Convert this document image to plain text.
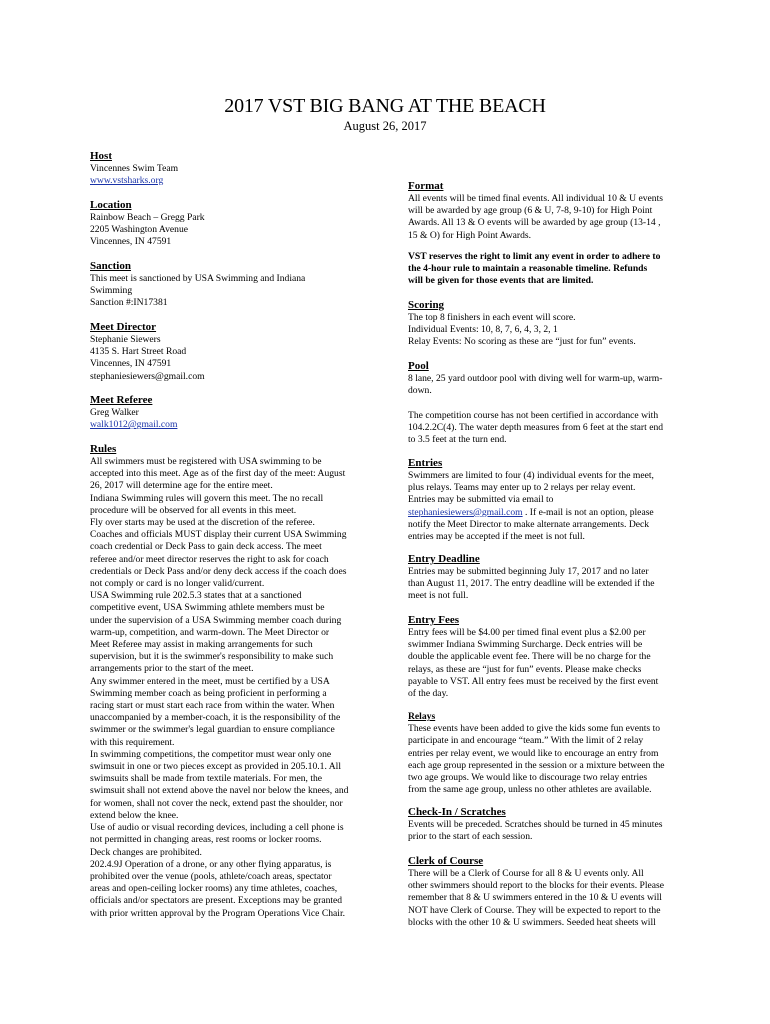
2017 VST BIG BANG AT THE BEACH
August 26, 2017
Host
Vincennes Swim Team
www.vstsharks.org
Location
Rainbow Beach – Gregg Park
2205 Washington Avenue
Vincennes, IN 47591
Sanction
This meet is sanctioned by USA Swimming and Indiana
Swimming
Sanction #:IN17381
Meet Director
Stephanie Siewers
4135 S. Hart Street Road
Vincennes, IN 47591
stephaniesiewers@gmail.com
Meet Referee
Greg Walker
walk1012@gmail.com
Rules
All swimmers must be registered with USA swimming to be
accepted into this meet. Age as of the first day of the meet: August
26, 2017 will determine age for the entire meet.
Indiana Swimming rules will govern this meet. The no recall
procedure will be observed for all events in this meet.
Fly over starts may be used at the discretion of the referee.
Coaches and officials MUST display their current USA Swimming
coach credential or Deck Pass to gain deck access. The meet
referee and/or meet director reserves the right to ask for coach
credentials or Deck Pass and/or deny deck access if the coach does
not comply or card is no longer valid/current.
USA Swimming rule 202.5.3 states that at a sanctioned
competitive event, USA Swimming athlete members must be
under the supervision of a USA Swimming member coach during
warm-up, competition, and warm-down. The Meet Director or
Meet Referee may assist in making arrangements for such
supervision, but it is the swimmer's responsibility to make such
arrangements prior to the start of the meet.
Any swimmer entered in the meet, must be certified by a USA
Swimming member coach as being proficient in performing a
racing start or must start each race from within the water. When
unaccompanied by a member-coach, it is the responsibility of the
swimmer or the swimmer's legal guardian to ensure compliance
with this requirement.
In swimming competitions, the competitor must wear only one
swimsuit in one or two pieces except as provided in 205.10.1. All
swimsuits shall be made from textile materials. For men, the
swimsuit shall not extend above the navel nor below the knees, and
for women, shall not cover the neck, extend past the shoulder, nor
extend below the knee.
Use of audio or visual recording devices, including a cell phone is
not permitted in changing areas, rest rooms or locker rooms.
Deck changes are prohibited.
202.4.9J Operation of a drone, or any other flying apparatus, is
prohibited over the venue (pools, athlete/coach areas, spectator
areas and open-ceiling locker rooms) any time athletes, coaches,
officials and/or spectators are present. Exceptions may be granted
with prior written approval by the Program Operations Vice Chair.
Format
All events will be timed final events. All individual 10 & U events
will be awarded by age group (6 & U, 7-8, 9-10) for High Point
Awards. All 13 & O events will be awarded by age group (13-14 ,
15 & O) for High Point Awards.
VST reserves the right to limit any event in order to adhere to
the 4-hour rule to maintain a reasonable timeline. Refunds
will be given for those events that are limited.
Scoring
The top 8 finishers in each event will score.
Individual Events: 10, 8, 7, 6, 4, 3, 2, 1
Relay Events: No scoring as these are “just for fun” events.
Pool
8 lane, 25 yard outdoor pool with diving well for warm-up, warm-
down.

The competition course has not been certified in accordance with
104.2.2C(4). The water depth measures from 6 feet at the start end
to 3.5 feet at the turn end.
Entries
Swimmers are limited to four (4) individual events for the meet,
plus relays. Teams may enter up to 2 relays per relay event.
Entries may be submitted via email to
stephaniesiewers@gmail.com . If e-mail is not an option, please
notify the Meet Director to make alternate arrangements. Deck
entries may be accepted if the meet is not full.
Entry Deadline
Entries may be submitted beginning July 17, 2017 and no later
than August 11, 2017. The entry deadline will be extended if the
meet is not full.
Entry Fees
Entry fees will be $4.00 per timed final event plus a $2.00 per
swimmer Indiana Swimming Surcharge. Deck entries will be
double the applicable event fee. There will be no charge for the
relays, as these are “just for fun” events. Please make checks
payable to VST. All entry fees must be received by the first event
of the day.
Relays
These events have been added to give the kids some fun events to
participate in and encourage “team.” With the limit of 2 relay
entries per relay event, we would like to encourage an entry from
each age group represented in the session or a mixture between the
two age groups. We would like to discourage two relay entries
from the same age group, unless no other athletes are available.
Check-In / Scratches
Events will be preceded. Scratches should be turned in 45 minutes
prior to the start of each session.
Clerk of Course
There will be a Clerk of Course for all 8 & U events only. All
other swimmers should report to the blocks for their events. Please
remember that 8 & U swimmers entered in the 10 & U events will
NOT have Clerk of Course. They will be expected to report to the
blocks with the other 10 & U swimmers. Seeded heat sheets will
